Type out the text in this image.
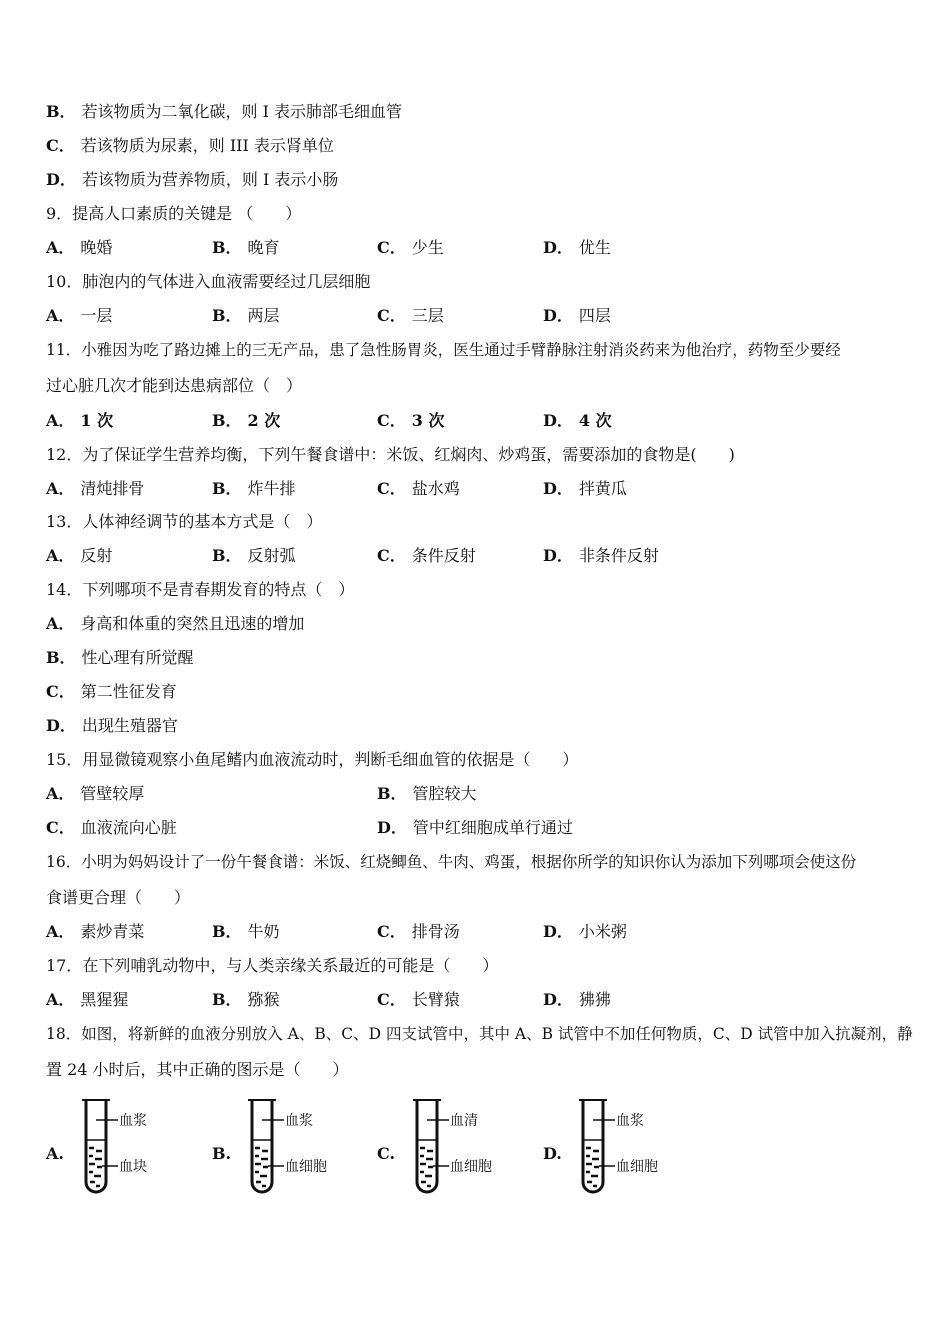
B． 若该物质为二氧化碳，则 I 表示肺部毛细血管
C． 若该物质为尿素，则 III 表示肾单位
D． 若该物质为营养物质，则 I 表示小肠
9．提高人口素质的关键是 （　　）
A． 晚婚	B． 晚育	C． 少生	D． 优生
10．肺泡内的气体进入血液需要经过几层细胞
A． 一层	B． 两层	C． 三层	D． 四层
11．小雅因为吃了路边摊上的三无产品，患了急性肠胃炎，医生通过手臂静脉注射消炎药来为他治疗，药物至少要经
过心脏几次才能到达患病部位（　）
A． 1 次	B． 2 次	C． 3 次	D． 4 次
12．为了保证学生营养均衡，下列午餐食谱中：米饭、红焖肉、炒鸡蛋，需要添加的食物是(　　)
A． 清炖排骨	B． 炸牛排	C． 盐水鸡	D． 拌黄瓜
13．人体神经调节的基本方式是（　）
A． 反射	B． 反射弧	C． 条件反射	D． 非条件反射
14．下列哪项不是青春期发育的特点（　）
A． 身高和体重的突然且迅速的增加
B． 性心理有所觉醒
C． 第二性征发育
D． 出现生殖器官
15．用显微镜观察小鱼尾鳍内血液流动时，判断毛细血管的依据是（　　）
A． 管壁较厚	B． 管腔较大
C． 血液流向心脏	D． 管中红细胞成单行通过
16．小明为妈妈设计了一份午餐食谱：米饭、红烧鲫鱼、牛肉、鸡蛋，根据你所学的知识你认为添加下列哪项会使这份
食谱更合理（　　）
A． 素炒青菜	B． 牛奶	C． 排骨汤	D． 小米粥
17．在下列哺乳动物中，与人类亲缘关系最近的可能是（　　）
A． 黑猩猩	B． 猕猴	C． 长臂猿	D． 狒狒
18．如图，将新鲜的血液分别放入 A、B、C、D 四支试管中，其中 A、B 试管中不加任何物质，C、D 试管中加入抗凝剂，静
置 24 小时后，其中正确的图示是（　　）
A.
血浆
血块
B.
血浆
血细胞
C.
血清
血细胞
D.
血浆
血细胞
